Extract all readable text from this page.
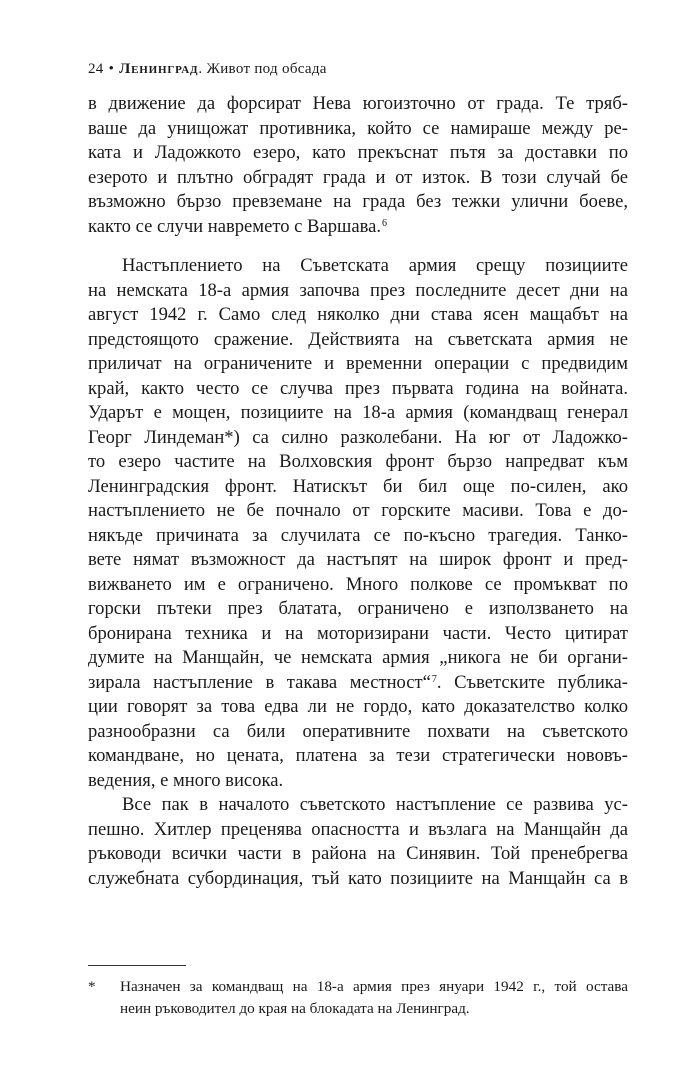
24 • Ленинград. Живот под обсада

в движение да форсират Нева югоизточно от града. Те тряб-
ваше да унищожат противника, който се намираше между ре-
ката и Ладожкото езеро, като прекъснат пътя за доставки по
езерото и плътно обградят града и от изток. В този случай бе
възможно бързо превземане на града без тежки улични боеве,
както се случи навремето с Варшава.$^6$

Настъплението на Съветската армия срещу позициите
на немската 18-а армия започва през последните десет дни на
август 1942 г. Само след няколко дни става ясен мащабът на
предстоящото сражение. Действията на съветската армия не
приличат на ограничените и временни операции с предвидим
край, както често се случва през първата година на войната.
Ударът е мощен, позициите на 18-а армия (командващ генерал
Георг Линдеман*) са силно разколебани. На юг от Ладожко-
то езеро частите на Волховския фронт бързо напредват към
Ленинградския фронт. Натискът би бил още по-силен, ако
настъплението не бе почнало от горските масиви. Това е до-
някъде причината за случилата се по-късно трагедия. Танко-
вете нямат възможност да настъпят на широк фронт и пред-
вижването им е ограничено. Много полкове се промъкват по
горски пътеки през блатата, ограничено е използването на
бронирана техника и на моторизирани части. Често цитират
думите на Манщайн, че немската армия „никога не би органи-
зирала настъпление в такава местност“$^7$. Съветските публика-
ции говорят за това едва ли не гордо, като доказателство колко
разнообразни са били оперативните похвати на съветското
командване, но цената, платена за тези стратегически нововъ-
ведения, е много висока.

Все пак в началото съветското настъпление се развива ус-
пешно. Хитлер преценява опасността и възлага на Манщайн да
ръководи всички части в района на Синявин. Той пренебрегва
служебната субординация, тъй като позициите на Манщайн са в

* Назначен за командващ на 18-а армия през януари 1942 г., той остава
неин ръководител до края на блокадата на Ленинград.
